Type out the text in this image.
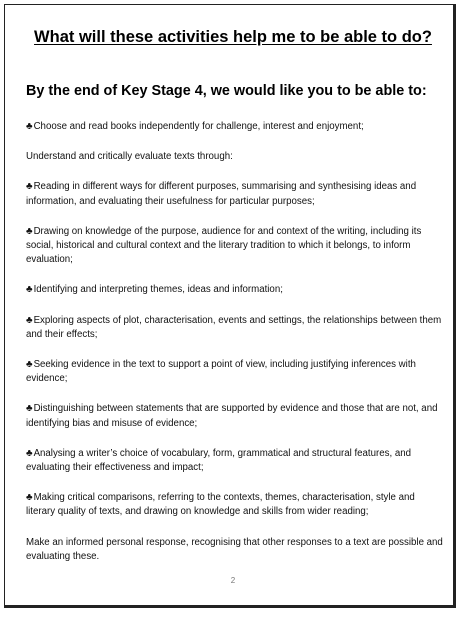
What will these activities help me to be able to do?
By the end of Key Stage 4, we would like you to be able to:
♣Choose and read books independently for challenge, interest and enjoyment;
Understand and critically evaluate texts through:
♣Reading in different ways for different purposes, summarising and synthesising ideas and information, and evaluating their usefulness for particular purposes;
♣Drawing on knowledge of the purpose, audience for and context of the writing, including its social, historical and cultural context and the literary tradition to which it belongs, to inform evaluation;
♣Identifying and interpreting themes, ideas and information;
♣Exploring aspects of plot, characterisation, events and settings, the relationships between them and their effects;
♣Seeking evidence in the text to support a point of view, including justifying inferences with evidence;
♣Distinguishing between statements that are supported by evidence and those that are not, and identifying bias and misuse of evidence;
♣Analysing a writer’s choice of vocabulary, form, grammatical and structural features, and evaluating their effectiveness and impact;
♣Making critical comparisons, referring to the contexts, themes, characterisation, style and literary quality of texts, and drawing on knowledge and skills from wider reading;
Make an informed personal response, recognising that other responses to a text are possible and evaluating these.
2
